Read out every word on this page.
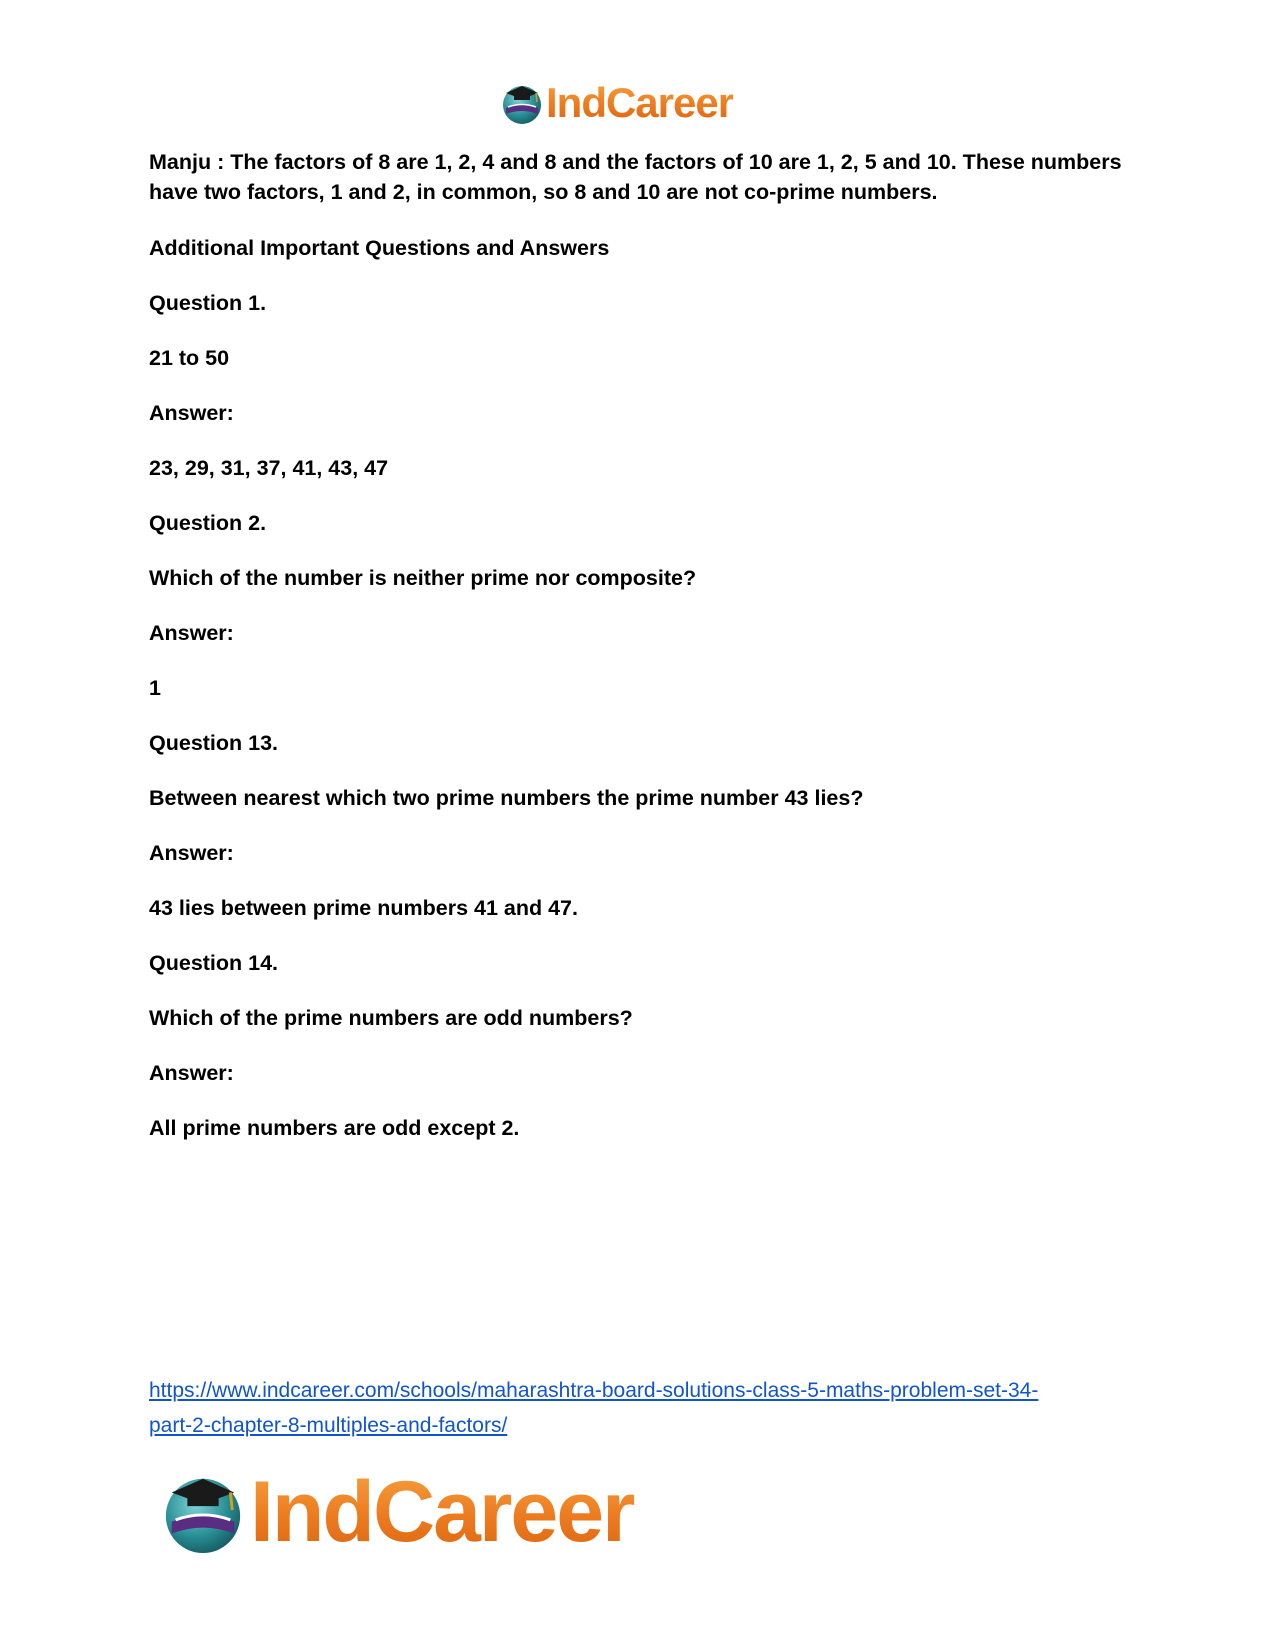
IndCareer

Manju : The factors of 8 are 1, 2, 4 and 8 and the factors of 10 are 1, 2, 5 and 10. These numbers have two factors, 1 and 2, in common, so 8 and 10 are not co-prime numbers.

Additional Important Questions and Answers

Question 1.

21 to 50

Answer:

23, 29, 31, 37, 41, 43, 47

Question 2.

Which of the number is neither prime nor composite?

Answer:

1

Question 13.

Between nearest which two prime numbers the prime number 43 lies?

Answer:

43 lies between prime numbers 41 and 47.

Question 14.

Which of the prime numbers are odd numbers?

Answer:

All prime numbers are odd except 2.

https://www.indcareer.com/schools/maharashtra-board-solutions-class-5-maths-problem-set-34-
part-2-chapter-8-multiples-and-factors/
IndCareer
